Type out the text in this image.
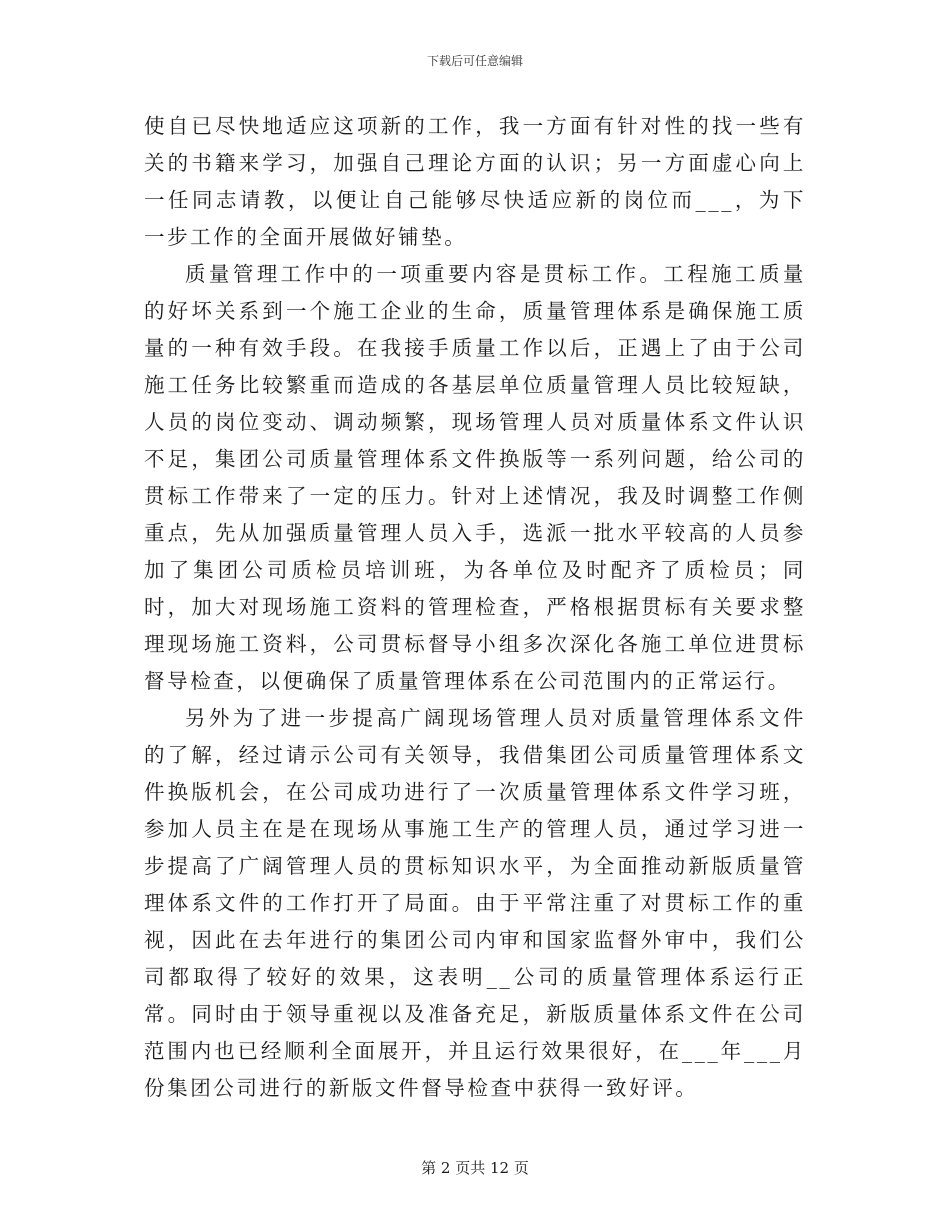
下载后可任意编辑

使自已尽快地适应这项新的工作，我一方面有针对性的找一些有关的书籍来学习，加强自己理论方面的认识；另一方面虚心向上一任同志请教，以便让自己能够尽快适应新的岗位而___，为下一步工作的全面开展做好铺垫。

质量管理工作中的一项重要内容是贯标工作。工程施工质量的好坏关系到一个施工企业的生命，质量管理体系是确保施工质量的一种有效手段。在我接手质量工作以后，正遇上了由于公司施工任务比较繁重而造成的各基层单位质量管理人员比较短缺，人员的岗位变动、调动频繁，现场管理人员对质量体系文件认识不足，集团公司质量管理体系文件换版等一系列问题，给公司的贯标工作带来了一定的压力。针对上述情况，我及时调整工作侧重点，先从加强质量管理人员入手，选派一批水平较高的人员参加了集团公司质检员培训班，为各单位及时配齐了质检员；同时，加大对现场施工资料的管理检查，严格根据贯标有关要求整理现场施工资料，公司贯标督导小组多次深化各施工单位进贯标督导检查，以便确保了质量管理体系在公司范围内的正常运行。

另外为了进一步提高广阔现场管理人员对质量管理体系文件的了解，经过请示公司有关领导，我借集团公司质量管理体系文件换版机会，在公司成功进行了一次质量管理体系文件学习班，参加人员主在是在现场从事施工生产的管理人员，通过学习进一步提高了广阔管理人员的贯标知识水平，为全面推动新版质量管理体系文件的工作打开了局面。由于平常注重了对贯标工作的重视，因此在去年进行的集团公司内审和国家监督外审中，我们公司都取得了较好的效果，这表明__公司的质量管理体系运行正常。同时由于领导重视以及准备充足，新版质量体系文件在公司范围内也已经顺利全面展开，并且运行效果很好，在___年___月份集团公司进行的新版文件督导检查中获得一致好评。

第 2 页共 12 页
